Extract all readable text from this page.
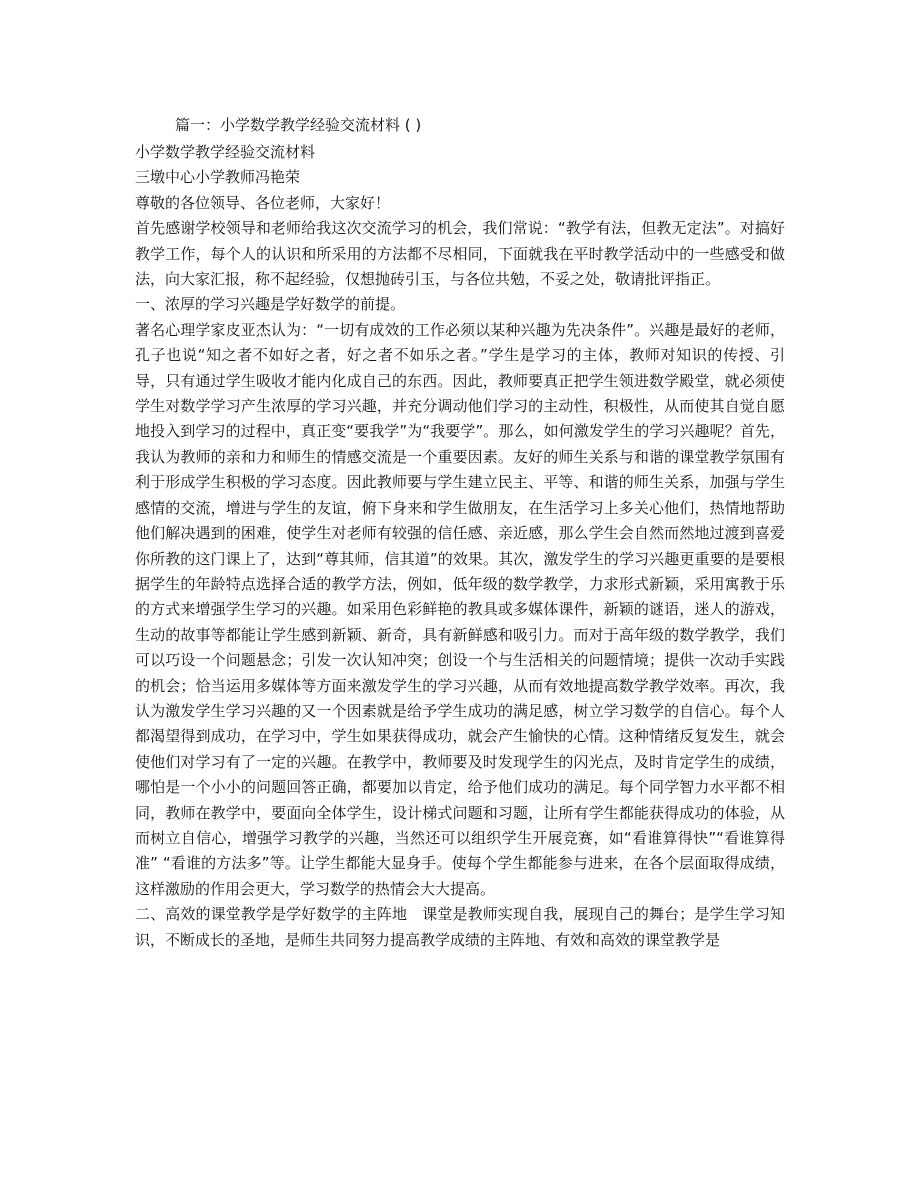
篇一：小学数学教学经验交流材料 ( )

小学数学教学经验交流材料

三墩中心小学教师冯艳荣

尊敬的各位领导、各位老师，大家好！

首先感谢学校领导和老师给我这次交流学习的机会，我们常说：“教学有法，但教无定法”。对搞好教学工作，每个人的认识和所采用的方法都不尽相同，下面就我在平时教学活动中的一些感受和做法，向大家汇报，称不起经验，仅想抛砖引玉，与各位共勉，不妥之处，敬请批评指正。

一、浓厚的学习兴趣是学好数学的前提。

著名心理学家皮亚杰认为：“一切有成效的工作必须以某种兴趣为先决条件”。兴趣是最好的老师，孔子也说“知之者不如好之者，好之者不如乐之者。”学生是学习的主体，教师对知识的传授、引导，只有通过学生吸收才能内化成自己的东西。因此，教师要真正把学生领进数学殿堂，就必须使学生对数学学习产生浓厚的学习兴趣，并充分调动他们学习的主动性，积极性，从而使其自觉自愿地投入到学习的过程中，真正变“要我学”为“我要学”。那么，如何激发学生的学习兴趣呢？首先，我认为教师的亲和力和师生的情感交流是一个重要因素。友好的师生关系与和谐的课堂教学氛围有利于形成学生积极的学习态度。因此教师要与学生建立民主、平等、和谐的师生关系，加强与学生感情的交流，增进与学生的友谊，俯下身来和学生做朋友，在生活学习上多关心他们，热情地帮助他们解决遇到的困难，使学生对老师有较强的信任感、亲近感，那么学生会自然而然地过渡到喜爱你所教的这门课上了，达到“尊其师，信其道”的效果。其次，激发学生的学习兴趣更重要的是要根据学生的年龄特点选择合适的教学方法，例如，低年级的数学教学，力求形式新颖，采用寓教于乐的方式来增强学生学习的兴趣。如采用色彩鲜艳的教具或多媒体课件，新颖的谜语，迷人的游戏，生动的故事等都能让学生感到新颖、新奇，具有新鲜感和吸引力。而对于高年级的数学教学，我们可以巧设一个问题悬念；引发一次认知冲突；创设一个与生活相关的问题情境；提供一次动手实践的机会；恰当运用多媒体等方面来激发学生的学习兴趣，从而有效地提高数学教学效率。再次，我认为激发学生学习兴趣的又一个因素就是给予学生成功的满足感，树立学习数学的自信心。每个人都渴望得到成功，在学习中，学生如果获得成功，就会产生愉快的心情。这种情绪反复发生，就会使他们对学习有了一定的兴趣。在教学中，教师要及时发现学生的闪光点，及时肯定学生的成绩，哪怕是一个小小的问题回答正确，都要加以肯定，给予他们成功的满足。每个同学智力水平都不相同，教师在教学中，要面向全体学生，设计梯式问题和习题，让所有学生都能获得成功的体验，从而树立自信心，增强学习教学的兴趣，当然还可以组织学生开展竞赛，如“看谁算得快”“看谁算得准” “看谁的方法多”等。让学生都能大显身手。使每个学生都能参与进来，在各个层面取得成绩，这样激励的作用会更大，学习数学的热情会大大提高。

二、高效的课堂教学是学好数学的主阵地　课堂是教师实现自我，展现自己的舞台；是学生学习知识，不断成长的圣地，是师生共同努力提高教学成绩的主阵地、有效和高效的课堂教学是
